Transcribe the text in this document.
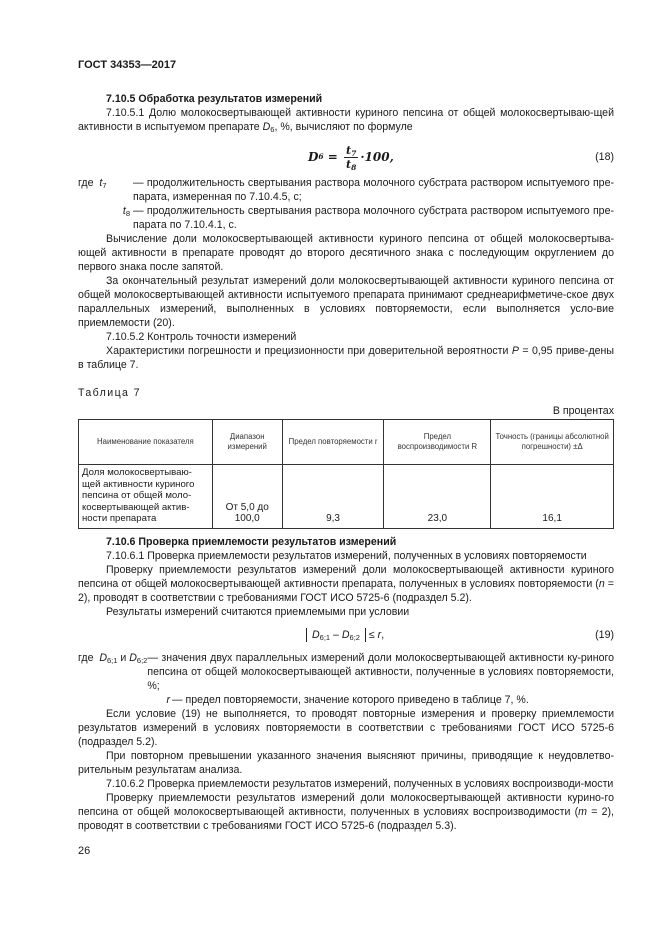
ГОСТ 34353—2017

7.10.5 Обработка результатов измерений

7.10.5.1 Долю молокосвертывающей активности куриного пепсина от общей молокосвертываю-щей активности в испытуемом препарате $D_6$, %, вычисляют по формуле

D $6 = \frac{t_7}{t_8} \cdot 100$,	(18)
где $t_7$	— продолжительность свертывания раствора молочного субстрата раствором испытуемого пре-парата, измеренная по 7.10.4.5, с;
$t_8$ — продолжительность свертывания раствора молочного субстрата раствором испытуемого пре-парата по 7.10.4.1, с.

Вычисление доли молокосвертывающей активности куриного пепсина от общей молокосвертыва-ющей активности в препарате проводят до второго десятичного знака с последующим округлением до первого знака после запятой.

За окончательный результат измерений доли молокосвертывающей активности куриного пепсина от общей молокосвертывающей активности испытуемого препарата принимают среднеарифметиче-ское двух параллельных измерений, выполненных в условиях повторяемости, если выполняется усло-вие приемлемости (20).

7.10.5.2 Контроль точности измерений

Характеристики погрешности и прецизионности при доверительной вероятности P = 0,95 приве-дены в таблице 7.

Таблица 7
В процентах
Наименование показателя	Диапазон измерений	Предел повторяемости r	Предел воспроизводимости R	Точность (границы абсолютной погрешности) ±Δ
Доля молокосвертываю-щей активности куриного пепсина от общей моло-косвертывающей актив-ности препарата	От 5,0 до 100,0	9,3	23,0	16,1

7.10.6 Проверка приемлемости результатов измерений

7.10.6.1 Проверка приемлемости результатов измерений, полученных в условиях повторяемости

Проверку приемлемости результатов измерений доли молокосвертывающей активности куриного пепсина от общей молокосвертывающей активности препарата, полученных в условиях повторяемости (n = 2), проводят в соответствии с требованиями ГОСТ ИСО 5725-6 (подраздел 5.2).

Результаты измерений считаются приемлемыми при условии

$D_{6;1} - D_{6;2} \le r$,	(19)
где $D_{6;1}$ и $D_{6;2}$ — значения двух параллельных измерений доли молокосвертывающей активности ку-риного пепсина от общей молокосвертывающей активности, полученные в условиях повторяемости, %;
r — предел повторяемости, значение которого приведено в таблице 7, %.

Если условие (19) не выполняется, то проводят повторные измерения и проверку приемлемости результатов измерений в условиях повторяемости в соответствии с требованиями ГОСТ ИСО 5725-6 (подраздел 5.2).

При повторном превышении указанного значения выясняют причины, приводящие к неудовлетво-рительным результатам анализа.

7.10.6.2 Проверка приемлемости результатов измерений, полученных в условиях воспроизводи-мости

Проверку приемлемости результатов измерений доли молокосвертывающей активности курино-го пепсина от общей молокосвертывающей активности, полученных в условиях воспроизводимости (m = 2), проводят в соответствии с требованиями ГОСТ ИСО 5725-6 (подраздел 5.3).

26
